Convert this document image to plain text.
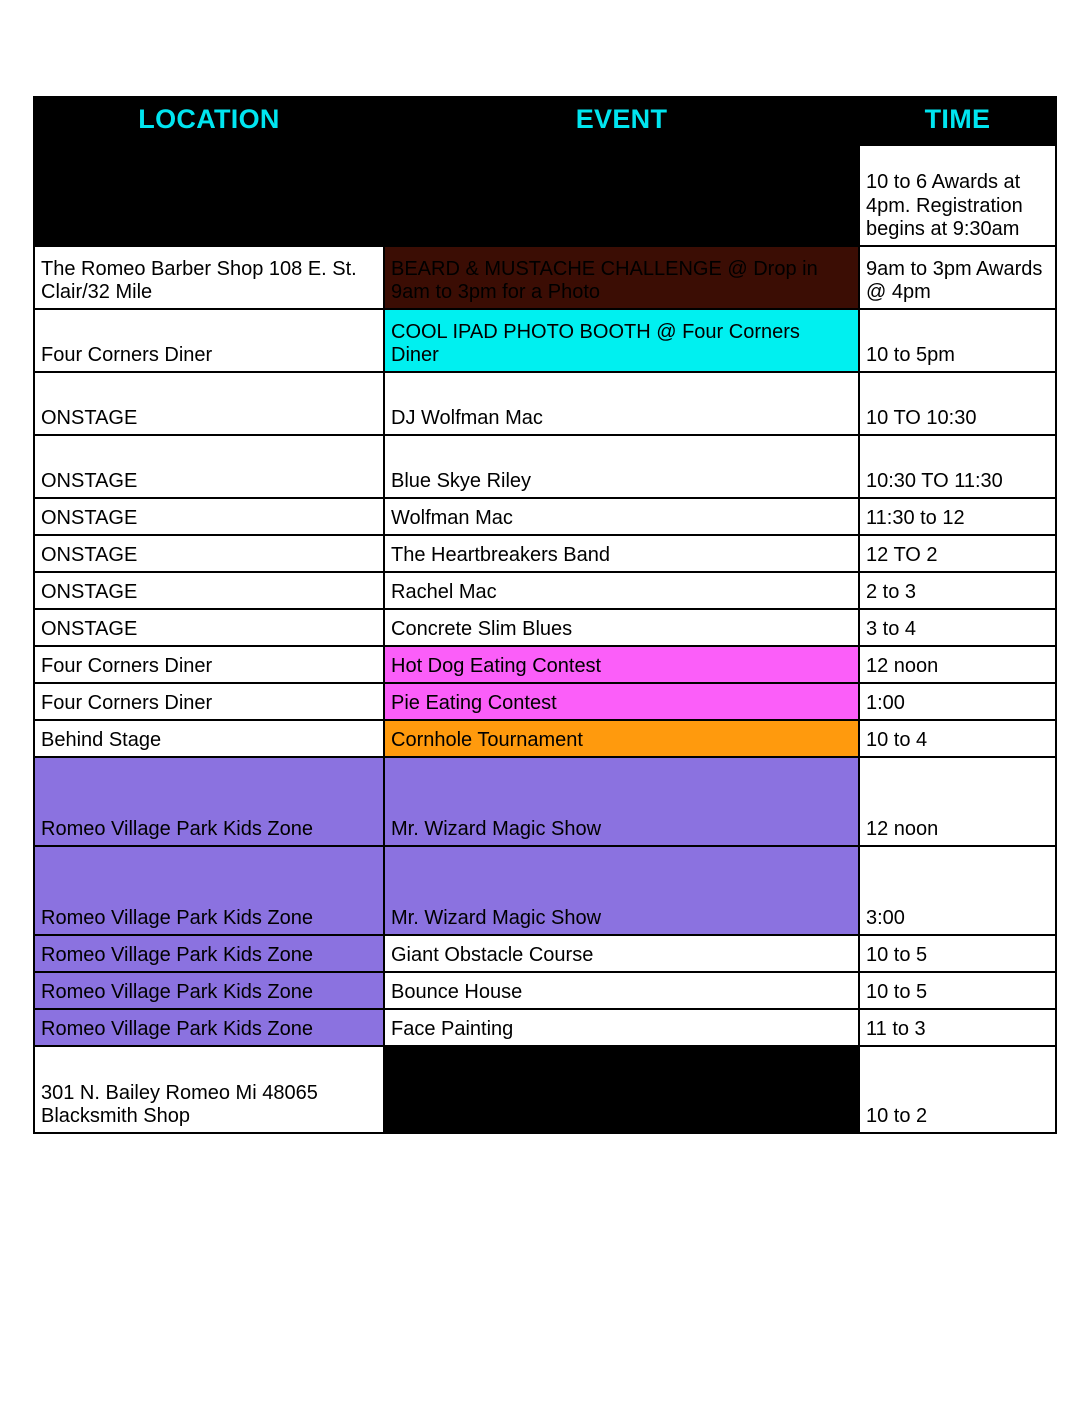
LOCATION	EVENT	TIME
MAIN STREET	CAR SHOW	10 to 6 Awards at 4pm. Registration begins at 9:30am
The Romeo Barber Shop 108 E. St. Clair/32 Mile	BEARD & MUSTACHE CHALLENGE @ Drop in 9am to 3pm for a Photo	9am to 3pm Awards @ 4pm
Four Corners Diner	COOL IPAD PHOTO BOOTH @ Four Corners Diner	10 to 5pm
ONSTAGE	DJ Wolfman Mac	10 TO 10:30
ONSTAGE	Blue Skye Riley	10:30 TO 11:30
ONSTAGE	Wolfman Mac	11:30 to 12
ONSTAGE	The Heartbreakers Band	12 TO 2
ONSTAGE	Rachel Mac	2 to 3
ONSTAGE	Concrete Slim Blues	3 to 4
Four Corners Diner	Hot Dog Eating Contest	12 noon
Four Corners Diner	Pie Eating Contest	1:00
Behind Stage	Cornhole Tournament	10 to 4
Romeo Village Park Kids Zone	Mr. Wizard Magic Show	12 noon
Romeo Village Park Kids Zone	Mr. Wizard Magic Show	3:00
Romeo Village Park Kids Zone	Giant Obstacle Course	10 to 5
Romeo Village Park Kids Zone	Bounce House	10 to 5
Romeo Village Park Kids Zone	Face Painting	11 to 3
301 N. Bailey Romeo Mi 48065 Blacksmith Shop	Blacksmith Forge Open Live Demonstrations@ Romeo Historical Society Blacksmith Museum	10 to 2
